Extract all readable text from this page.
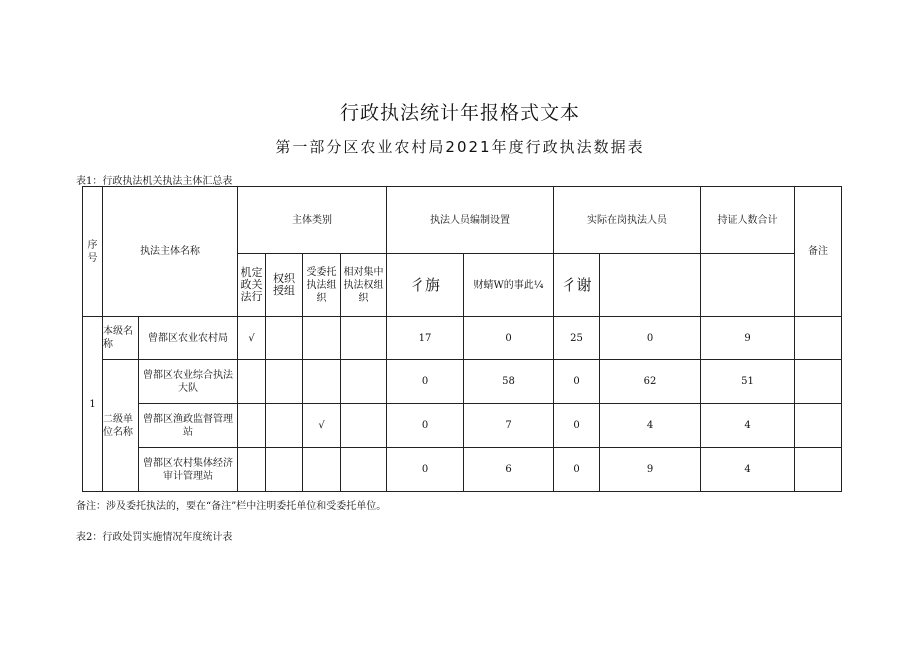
行政执法统计年报格式文本
第一部分区农业农村局2021年度行政执法数据表
表1：行政执法机关执法主体汇总表
序号	执法主体名称		主体类别				执法人员编制设置		实际在岗执法人员		持证人数合计	备注
			机定政关法行	权织授组	受委托执法组织	相对集中执法权组织	彳旃	财蜻W的事此¼	彳谢			
1	本级名称	曾都区农业农村局	√				17	0	25	0	9	
	二级单位名称	曾都区农业综合执法大队					0	58	0	62	51	
		曾都区渔政监督管理站			√		0	7	0	4	4	
		曾都区农村集体经济审计管理站					0	6	0	9	4	
备注：涉及委托执法的，要在“备注”栏中注明委托单位和受委托单位。
表2：行政处罚实施情况年度统计表
